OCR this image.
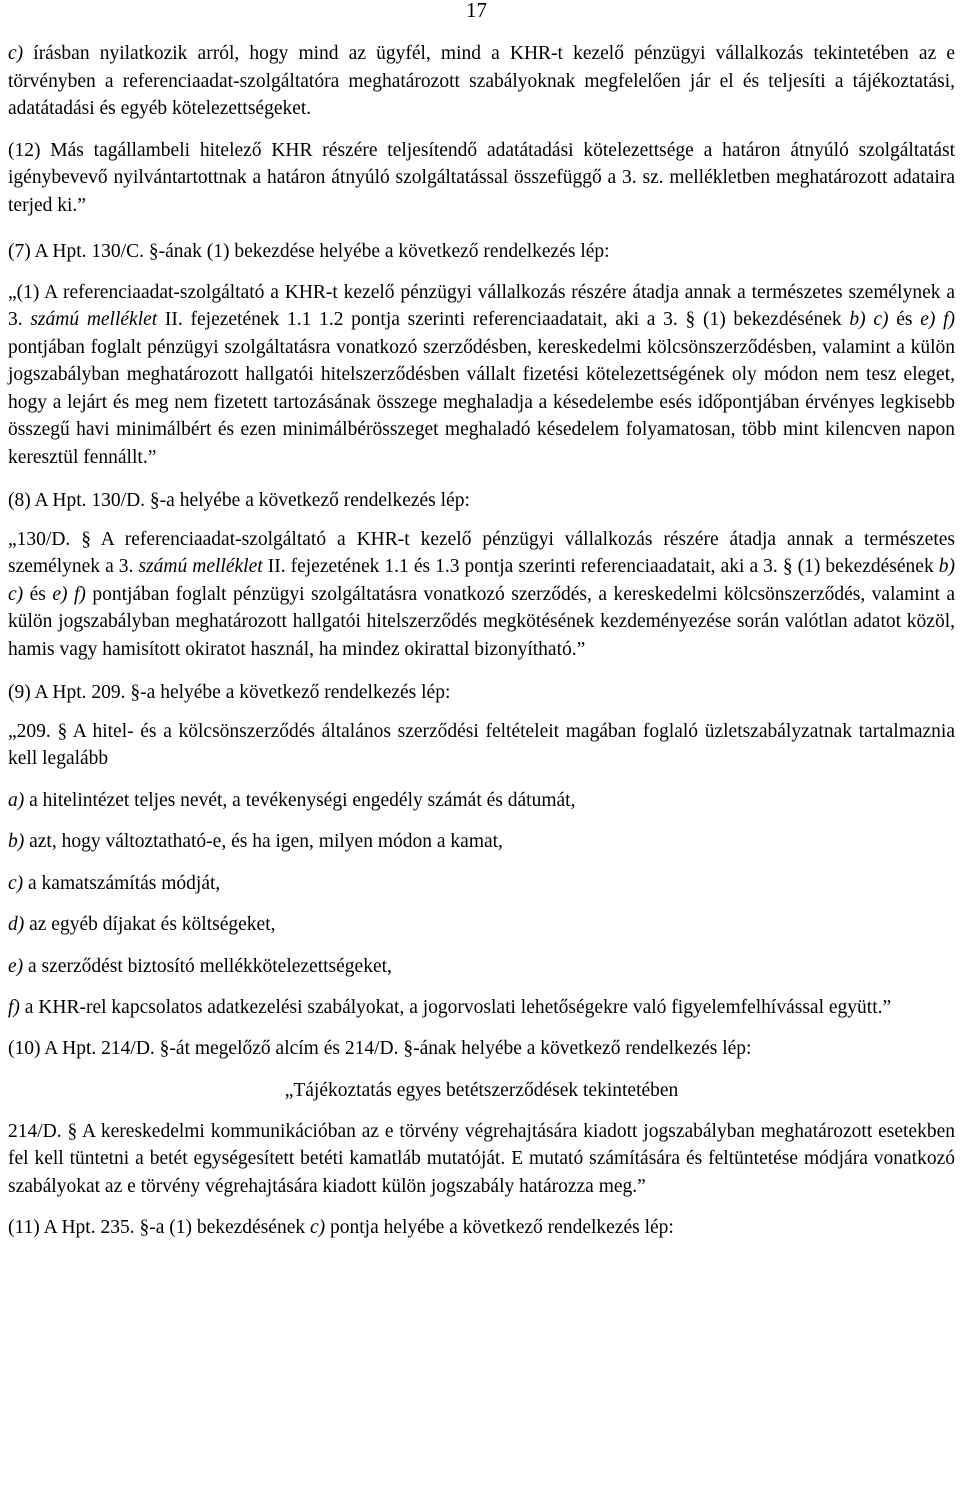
17

c) írásban nyilatkozik arról, hogy mind az ügyfél, mind a KHR-t kezelő pénzügyi vállalkozás tekintetében az e törvényben a referenciaadat-szolgáltatóra meghatározott szabályoknak megfelelően jár el és teljesíti a tájékoztatási, adatátadási és egyéb kötelezettségeket.

(12) Más tagállambeli hitelező KHR részére teljesítendő adatátadási kötelezettsége a határon átnyúló szolgáltatást igénybevevő nyilvántartottnak a határon átnyúló szolgáltatással összefüggő a 3. sz. mellékletben meghatározott adataira terjed ki.”

(7) A Hpt. 130/C. §-ának (1) bekezdése helyébe a következő rendelkezés lép:

„(1) A referenciaadat-szolgáltató a KHR-t kezelő pénzügyi vállalkozás részére átadja annak a természetes személynek a 3. számú melléklet II. fejezetének 1.1 1.2 pontja szerinti referenciaadatait, aki a 3. § (1) bekezdésének b) c) és e) f) pontjában foglalt pénzügyi szolgáltatásra vonatkozó szerződésben, kereskedelmi kölcsönszerződésben, valamint a külön jogszabályban meghatározott hallgatói hitelszerződésben vállalt fizetési kötelezettségének oly módon nem tesz eleget, hogy a lejárt és meg nem fizetett tartozásának összege meghaladja a késedelembe esés időpontjában érvényes legkisebb összegű havi minimálbért és ezen minimálbérösszeget meghaladó késedelem folyamatosan, több mint kilencven napon keresztül fennállt.”

(8) A Hpt. 130/D. §-a helyébe a következő rendelkezés lép:

„130/D. § A referenciaadat-szolgáltató a KHR-t kezelő pénzügyi vállalkozás részére átadja annak a természetes személynek a 3. számú melléklet II. fejezetének 1.1 és 1.3 pontja szerinti referenciaadatait, aki a 3. § (1) bekezdésének b) c) és e) f) pontjában foglalt pénzügyi szolgáltatásra vonatkozó szerződés, a kereskedelmi kölcsönszerződés, valamint a külön jogszabályban meghatározott hallgatói hitelszerződés megkötésének kezdeményezése során valótlan adatot közöl, hamis vagy hamisított okiratot használ, ha mindez okirattal bizonyítható.”

(9) A Hpt. 209. §-a helyébe a következő rendelkezés lép:

„209. § A hitel- és a kölcsönszerződés általános szerződési feltételeit magában foglaló üzletszabályzatnak tartalmaznia kell legalább

a) a hitelintézet teljes nevét, a tevékenységi engedély számát és dátumát,

b) azt, hogy változtatható-e, és ha igen, milyen módon a kamat,

c) a kamatszámítás módját,

d) az egyéb díjakat és költségeket,

e) a szerződést biztosító mellékkötelezettségeket,

f) a KHR-rel kapcsolatos adatkezelési szabályokat, a jogorvoslati lehetőségekre való figyelemfelhívással együtt.”

(10) A Hpt. 214/D. §-át megelőző alcím és 214/D. §-ának helyébe a következő rendelkezés lép:

„Tájékoztatás egyes betétszerződések tekintetében

214/D. § A kereskedelmi kommunikációban az e törvény végrehajtására kiadott jogszabályban meghatározott esetekben fel kell tüntetni a betét egységesített betéti kamatláb mutatóját. E mutató számítására és feltüntetése módjára vonatkozó szabályokat az e törvény végrehajtására kiadott külön jogszabály határozza meg.”

(11) A Hpt. 235. §-a (1) bekezdésének c) pontja helyébe a következő rendelkezés lép:
